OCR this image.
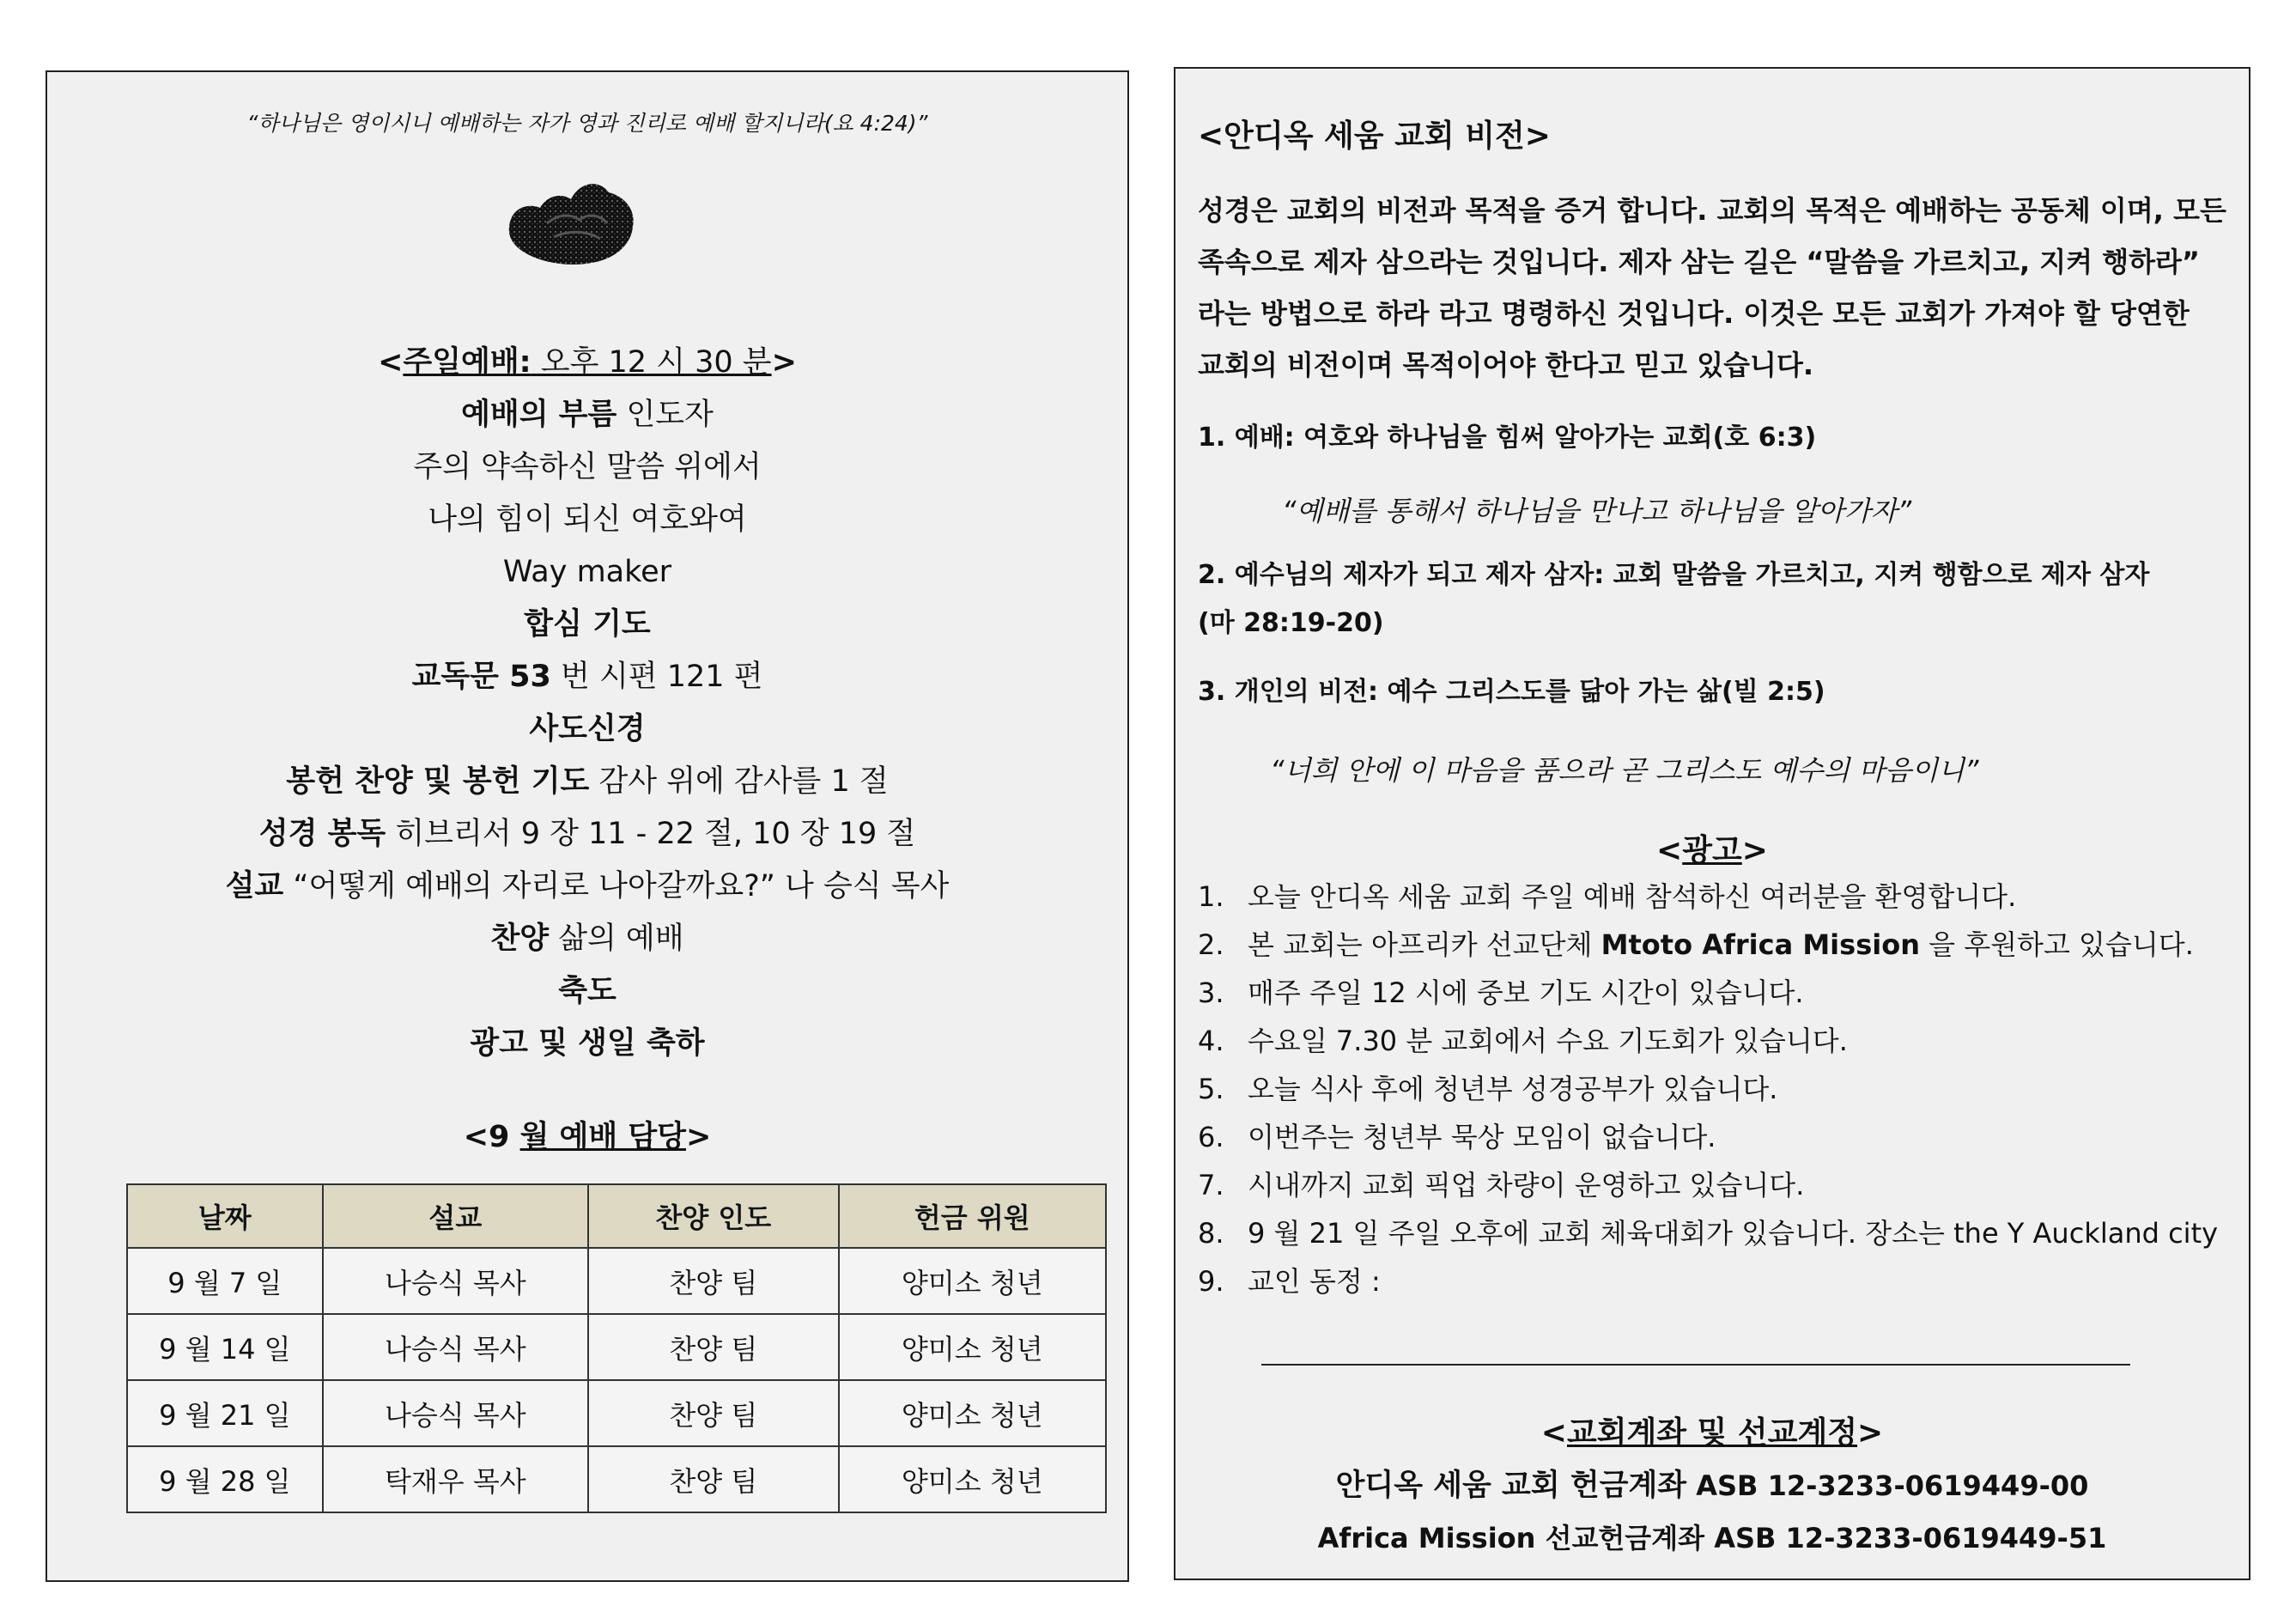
“하나님은 영이시니 예배하는 자가 영과 진리로 예배 할지니라(요 4:24)”
<주일예배: 오후 12 시 30 분>
예배의 부름 인도자
주의 약속하신 말씀 위에서
나의 힘이 되신 여호와여
Way maker
합심 기도
교독문 53 번 시편 121 편
사도신경
봉헌 찬양 및 봉헌 기도 감사 위에 감사를 1 절
성경 봉독 히브리서 9 장 11 - 22 절, 10 장 19 절
설교 “어떻게 예배의 자리로 나아갈까요?” 나 승식 목사
찬양 삶의 예배
축도
광고 및 생일 축하
<9 월 예배 담당>
날짜	설교	찬양 인도	헌금 위원
9 월 7 일	나승식 목사	찬양 팀	양미소 청년
9 월 14 일	나승식 목사	찬양 팀	양미소 청년
9 월 21 일	나승식 목사	찬양 팀	양미소 청년
9 월 28 일	탁재우 목사	찬양 팀	양미소 청년
<안디옥 세움 교회 비전>
성경은 교회의 비전과 목적을 증거 합니다. 교회의 목적은 예배하는 공동체 이며, 모든
족속으로 제자 삼으라는 것입니다. 제자 삼는 길은 “말씀을 가르치고, 지켜 행하라”
라는 방법으로 하라 라고 명령하신 것입니다. 이것은 모든 교회가 가져야 할 당연한
교회의 비전이며 목적이어야 한다고 믿고 있습니다.
1. 예배: 여호와 하나님을 힘써 알아가는 교회(호 6:3)
“예배를 통해서 하나님을 만나고 하나님을 알아가자”
2. 예수님의 제자가 되고 제자 삼자: 교회 말씀을 가르치고, 지켜 행함으로 제자 삼자
(마 28:19-20)
3. 개인의 비전: 예수 그리스도를 닮아 가는 삶(빌 2:5)
“너희 안에 이 마음을 품으라 곧 그리스도 예수의 마음이니”
<광고>
1. 오늘 안디옥 세움 교회 주일 예배 참석하신 여러분을 환영합니다.
2. 본 교회는 아프리카 선교단체 Mtoto Africa Mission 을 후원하고 있습니다.
3. 매주 주일 12 시에 중보 기도 시간이 있습니다.
4. 수요일 7.30 분 교회에서 수요 기도회가 있습니다.
5. 오늘 식사 후에 청년부 성경공부가 있습니다.
6. 이번주는 청년부 묵상 모임이 없습니다.
7. 시내까지 교회 픽업 차량이 운영하고 있습니다.
8. 9 월 21 일 주일 오후에 교회 체육대회가 있습니다. 장소는 the Y Auckland city
9. 교인 동정 :
<교회계좌 및 선교계정>
안디옥 세움 교회 헌금계좌 ASB 12-3233-0619449-00
Africa Mission 선교헌금계좌 ASB 12-3233-0619449-51
